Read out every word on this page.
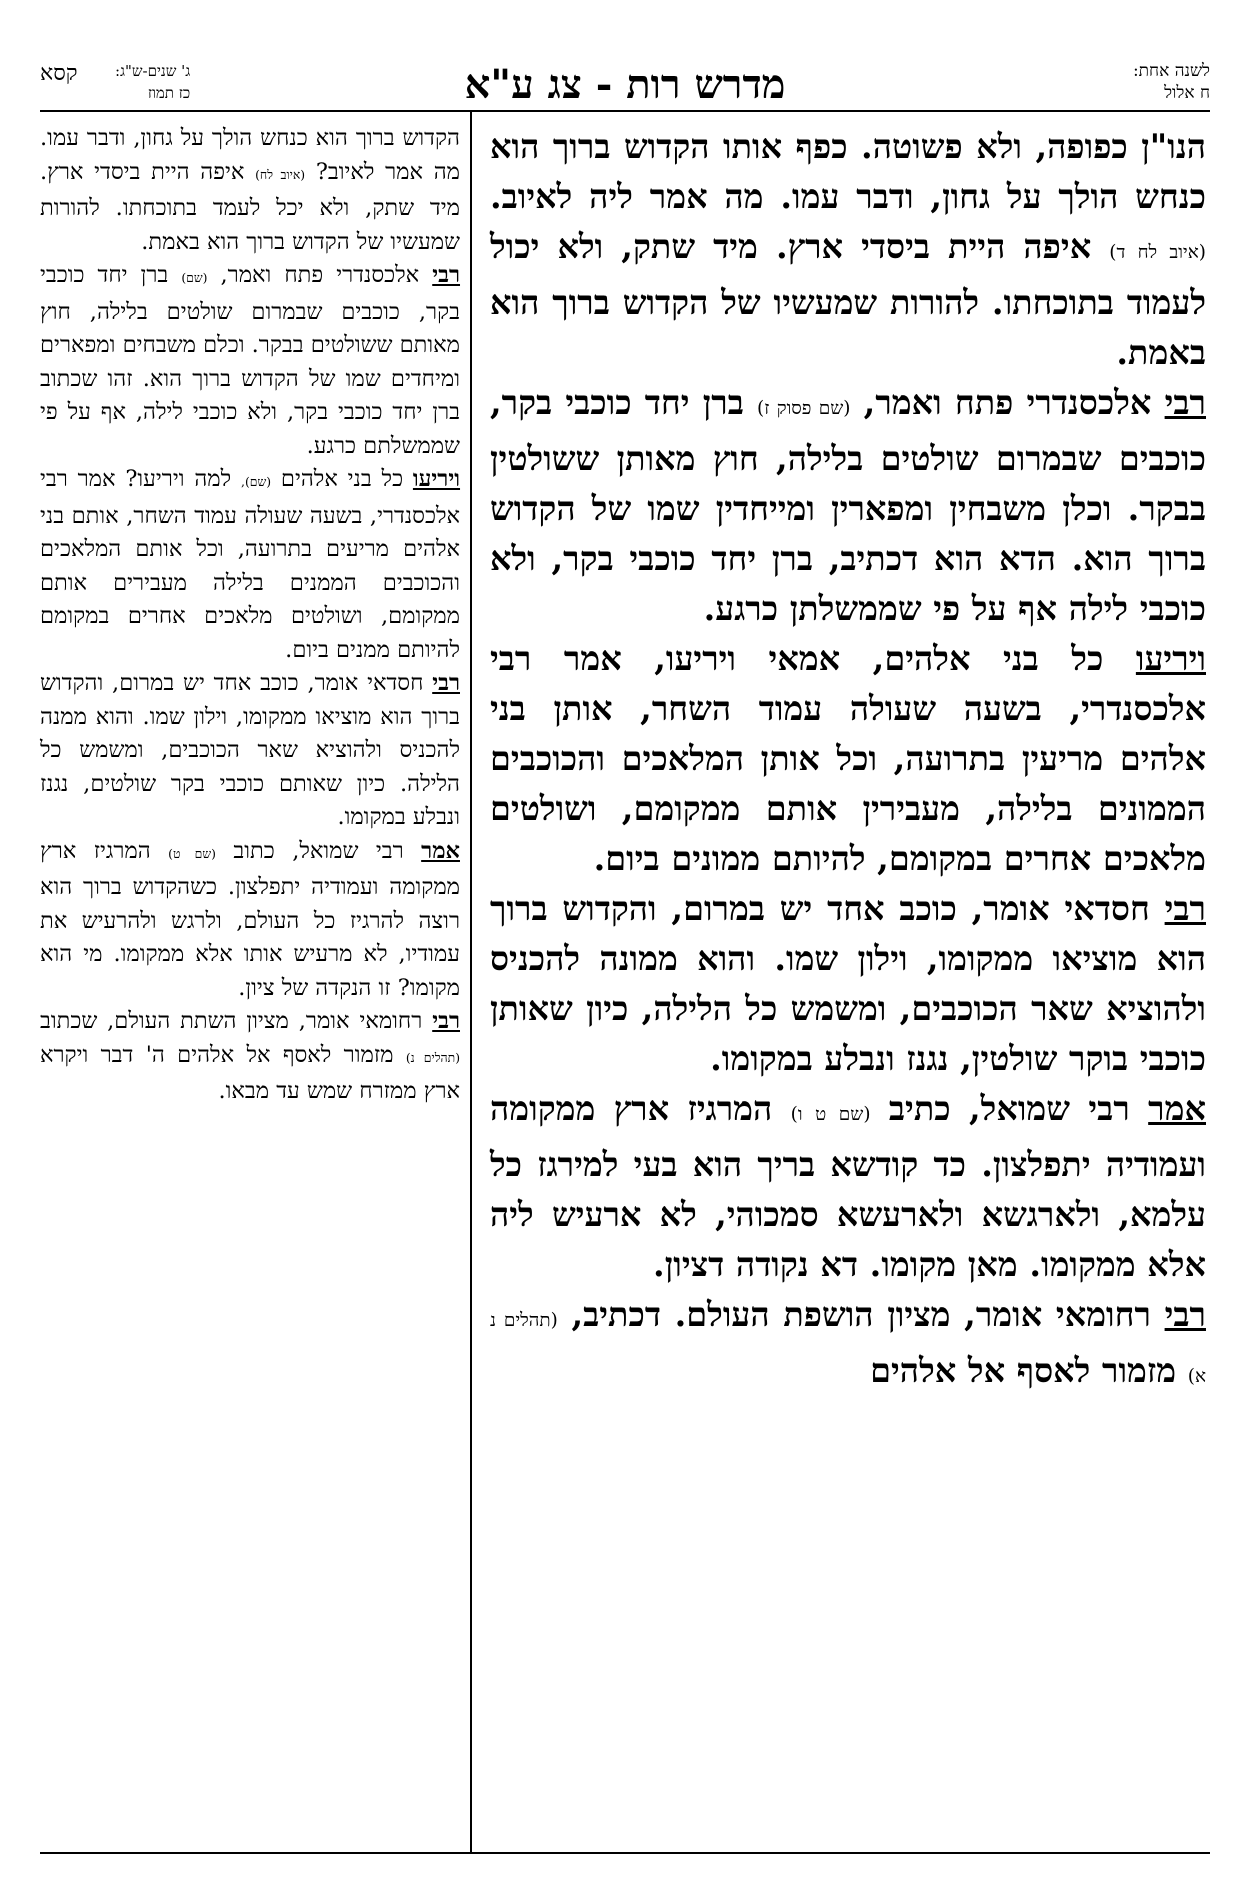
לשנה אחת:
ח אלול
מדרש רות - צג ע"א
ג' שנים-ש"ג:
כז תמוז
קסא

הנו"ן כפופה, ולא פשוטה. כפף אותו הקדוש ברוך הוא כנחש הולך על גחון, ודבר עמו. מה אמר ליה לאיוב. (איוב לח ד) איפה היית ביסדי ארץ. מיד שתק, ולא יכול לעמוד בתוכחתו. להורות שמעשיו של הקדוש ברוך הוא באמת.

רבי אלכסנדרי פתח ואמר, (שם פסוק ז) ברן יחד כוכבי בקר, כוכבים שבמרום שולטים בלילה, חוץ מאותן ששולטין בבקר. וכלן משבחין ומפארין ומייחדין שמו של הקדוש ברוך הוא. הדא הוא דכתיב, ברן יחד כוכבי בקר, ולא כוכבי לילה אף על פי שממשלתן כרגע.

ויריעו כל בני אלהים, אמאי ויריעו, אמר רבי אלכסנדרי, בשעה שעולה עמוד השחר, אותן בני אלהים מריעין בתרועה, וכל אותן המלאכים והכוכבים הממונים בלילה, מעבירין אותם ממקומם, ושולטים מלאכים אחרים במקומם, להיותם ממונים ביום.

רבי חסדאי אומר, כוכב אחד יש במרום, והקדוש ברוך הוא מוציאו ממקומו, וילון שמו. והוא ממונה להכניס ולהוציא שאר הכוכבים, ומשמש כל הלילה, כיון שאותן כוכבי בוקר שולטין, נגנז ונבלע במקומו.

אמר רבי שמואל, כתיב (שם ט ו) המרגיז ארץ ממקומה ועמודיה יתפלצון. כד קודשא בריך הוא בעי למירגז כל עלמא, ולארגשא ולארעשא סמכוהי, לא ארעיש ליה אלא ממקומו. מאן מקומו. דא נקודה דציון.

רבי רחומאי אומר, מציון הושפת העולם. דכתיב, (תהלים נ א) מזמור לאסף אל אלהים

הקדוש ברוך הוא כנחש הולך על גחון, ודבר עמו. מה אמר לאיוב? (איוב לח) איפה היית ביסדי ארץ. מיד שתק, ולא יכל לעמד בתוכחתו. להורות שמעשיו של הקדוש ברוך הוא באמת.

רבי אלכסנדרי פתח ואמר, (שם) ברן יחד כוכבי בקר, כוכבים שבמרום שולטים בלילה, חוץ מאותם ששולטים בבקר. וכלם משבחים ומפארים ומיחדים שמו של הקדוש ברוך הוא. זהו שכתוב ברן יחד כוכבי בקר, ולא כוכבי לילה, אף על פי שממשלתם כרגע.

ויריעו כל בני אלהים (שם), למה ויריעו? אמר רבי אלכסנדרי, בשעה שעולה עמוד השחר, אותם בני אלהים מריעים בתרועה, וכל אותם המלאכים והכוכבים הממנים בלילה מעבירים אותם ממקומם, ושולטים מלאכים אחרים במקומם להיותם ממנים ביום.

רבי חסדאי אומר, כוכב אחד יש במרום, והקדוש ברוך הוא מוציאו ממקומו, וילון שמו. והוא ממנה להכניס ולהוציא שאר הכוכבים, ומשמש כל הלילה. כיון שאותם כוכבי בקר שולטים, נגנז ונבלע במקומו.

אמר רבי שמואל, כתוב (שם ט) המרגיז ארץ ממקומה ועמודיה יתפלצון. כשהקדוש ברוך הוא רוצה להרגיז כל העולם, ולרגש ולהרעיש את עמודיו, לא מרעיש אותו אלא ממקומו. מי הוא מקומו? זו הנקדה של ציון.

רבי רחומאי אומר, מציון השתת העולם, שכתוב (תהלים נ) מזמור לאסף אל אלהים ה' דבר ויקרא ארץ ממזרח שמש עד מבאו.
